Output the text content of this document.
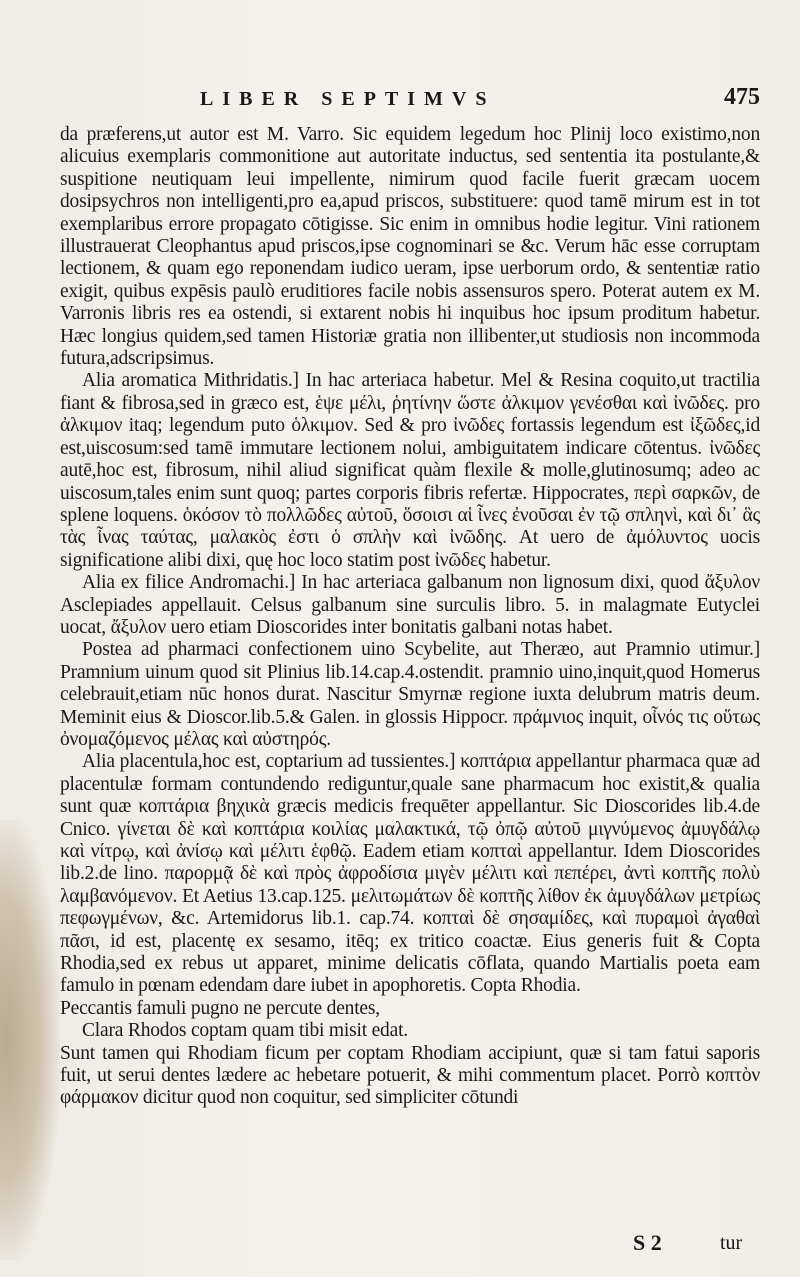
LIBER SEPTIMVS	475

da præferens,ut autor est M. Varro. Sic equidem legedum hoc Plinij loco existimo,non alicuius exemplaris commonitione aut autoritate inductus, sed sententia ita postulante,& suspitione neutiquam leui impellente, nimirum quod facile fuerit græcam uocem dosipsychros non intelligenti,pro ea,apud priscos, substituere: quod tamē mirum est in tot exemplaribus errore propagato cōtigisse. Sic enim in omnibus hodie legitur. Vini rationem illustrauerat Cleophantus apud priscos,ipse cognominari se &c. Verum hāc esse corruptam lectionem, & quam ego reponendam iudico ueram, ipse uerborum ordo, & sententiæ ratio exigit, quibus expēsis paulò eruditiores facile nobis assensuros spero. Poterat autem ex M. Varronis libris res ea ostendi, si extarent nobis hi inquibus hoc ipsum proditum habetur. Hæc longius quidem,sed tamen Historiæ gratia non illibenter,ut studiosis non incommoda futura,adscripsimus.

Alia aromatica Mithridatis.] In hac arteriaca habetur. Mel & Resina coquito,ut tractilia fiant & fibrosa,sed in græco est, ἑψε μέλι, ῥητίνην ὥστε ἀλκιμον γενέσθαι καὶ ἰνῶδες. pro ἀλκιμον itaq; legendum puto ὁλκιμον. Sed & pro ἰνῶδες fortassis legendum est ἰξῶδες,id est,uiscosum:sed tamē immutare lectionem nolui, ambiguitatem indicare cōtentus. ἰνῶδες autē,hoc est, fibrosum, nihil aliud significat quàm flexile & molle,glutinosumq; adeo ac uiscosum,tales enim sunt quoq; partes corporis fibris refertæ. Hippocrates, περὶ σαρκῶν, de splene loquens. ὁκόσον τὸ πολλῶδες αὐτοῦ, ὅσοισι αἱ ἶνες ἐνοῦσαι ἐν τῷ σπληνὶ, καὶ δι᾽ ἃς τὰς ἶνας ταύτας, μαλακὸς ἐστι ὁ σπλὴν καὶ ἰνῶδης. At uero de ἀμόλυντος uocis significatione alibi dixi, quę hoc loco statim post ἰνῶδες habetur.

Alia ex filice Andromachi.] In hac arteriaca galbanum non lignosum dixi, quod ἄξυλον Asclepiades appellauit. Celsus galbanum sine surculis libro. 5. in malagmate Eutyclei uocat, ἄξυλον uero etiam Dioscorides inter bonitatis galbani notas habet.

Postea ad pharmaci confectionem uino Scybelite, aut Theræo, aut Pramnio utimur.] Pramnium uinum quod sit Plinius lib.14.cap.4.ostendit. pramnio uino,inquit,quod Homerus celebrauit,etiam nūc honos durat. Nascitur Smyrnæ regione iuxta delubrum matris deum. Meminit eius & Dioscor.lib.5.& Galen. in glossis Hippocr. πράμνιος inquit, οἶνός τις οὕτως ὀνομαζόμενος μέλας καὶ αὐστηρός.

Alia placentula,hoc est, coptarium ad tussientes.] κοπτάρια appellantur pharmaca quæ ad placentulæ formam contundendo rediguntur,quale sane pharmacum hoc existit,& qualia sunt quæ κοπτάρια βηχικὰ græcis medicis frequēter appellantur. Sic Dioscorides lib.4.de Cnico. γίνεται δὲ καὶ κοπτάρια κοιλίας μαλακτικά, τῷ ὀπῷ αὐτοῦ μιγνύμενος ἀμυγδάλῳ καὶ νίτρῳ, καὶ ἀνίσῳ καὶ μέλιτι ἑφθῷ. Eadem etiam κοπταὶ appellantur. Idem Dioscorides lib.2.de lino. παρορμᾷ δὲ καὶ πρὸς ἀφροδίσια μιγὲν μέλιτι καὶ πεπέρει, ἀντὶ κοπτῆς πολὺ λαμβανόμενον. Et Aetius 13.cap.125. μελιτωμάτων δὲ κοπτῆς λίθον ἐκ ἀμυγδάλων μετρίως πεφωγμένων, &c. Artemidorus lib.1. cap.74. κοπταὶ δὲ σησαμίδες, καὶ πυραμοὶ ἀγαθαὶ πᾶσι, id est, placentę ex sesamo, itēq; ex tritico coactæ. Eius generis fuit & Copta Rhodia,sed ex rebus ut apparet, minime delicatis cōflata, quando Martialis poeta eam famulo in pœnam edendam dare iubet in apophoretis. Copta Rhodia.

Peccantis famuli pugno ne percute dentes,

Clara Rhodos coptam quam tibi misit edat.

Sunt tamen qui Rhodiam ficum per coptam Rhodiam accipiunt, quæ si tam fatui saporis fuit, ut serui dentes lædere ac hebetare potuerit, & mihi commentum placet. Porrò κοπτὸν φάρμακον dicitur quod non coquitur, sed simpliciter cōtundi

S 2	tur
